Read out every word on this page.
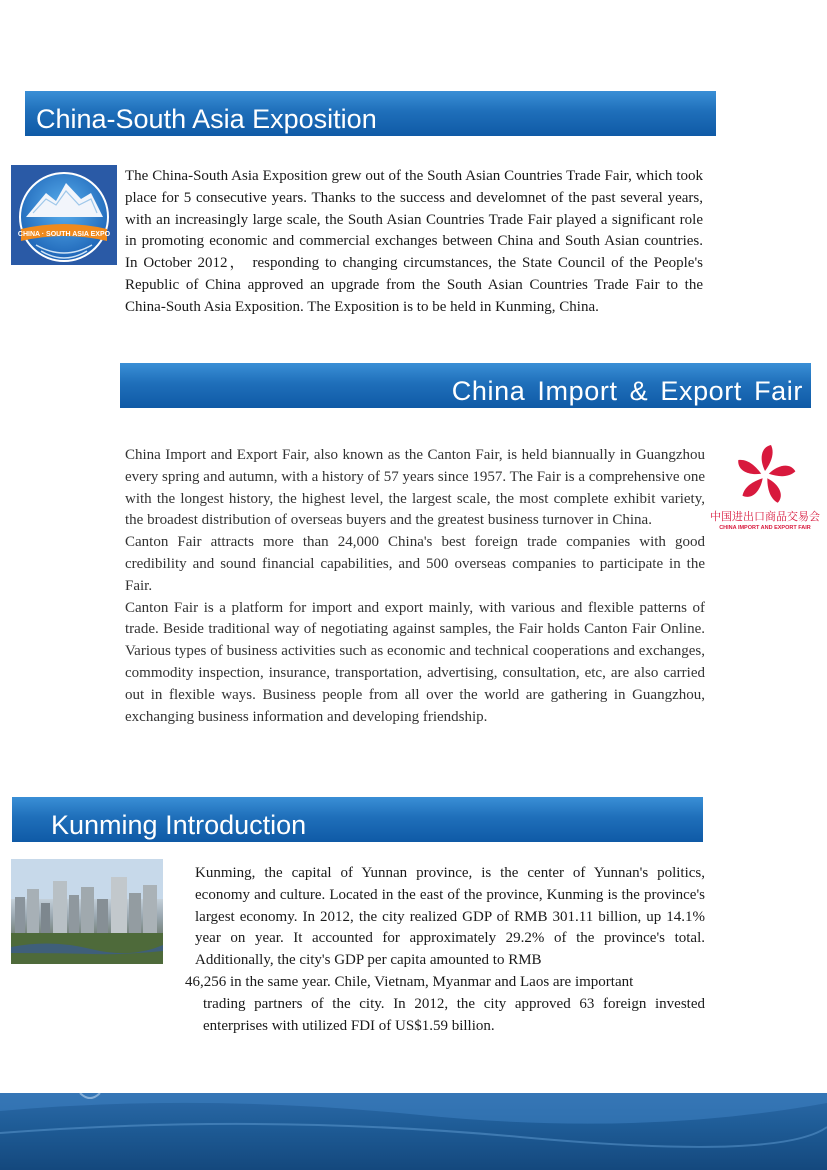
China-South Asia Exposition
CHINA · SOUTH ASIA EXPO

The China-South Asia Exposition grew out of the South Asian Countries Trade Fair, which took place for 5 consecutive years. Thanks to the success and develomnet of the past several years, with an increasingly large scale, the South Asian Countries Trade Fair played a significant role in promoting economic and commercial exchanges between China and South Asian countries. In October 2012， responding to changing circumstances, the State Council of the People's Republic of China approved an upgrade from the South Asian Countries Trade Fair to the China-South Asia Exposition. The Exposition is to be held in Kunming, China.

China Import & Export Fair
中国进出口商品交易会
CHINA IMPORT AND EXPORT FAIR

China Import and Export Fair, also known as the Canton Fair, is held biannually in Guangzhou every spring and autumn, with a history of 57 years since 1957. The Fair is a comprehensive one with the longest history, the highest level, the largest scale, the most complete exhibit variety, the broadest distribution of overseas buyers and the greatest business turnover in China.

Canton Fair attracts more than 24,000 China's best foreign trade companies with good credibility and sound financial capabilities, and 500 overseas companies to participate in the Fair.

Canton Fair is a platform for import and export mainly, with various and flexible patterns of trade. Beside traditional way of negotiating against samples, the Fair holds Canton Fair Online. Various types of business activities such as economic and technical cooperations and exchanges, commodity inspection, insurance, transportation, advertising, consultation, etc, are also carried out in flexible ways. Business people from all over the world are gathering in Guangzhou, exchanging business information and developing friendship.

Kunming Introduction

Kunming, the capital of Yunnan province, is the center of Yunnan's politics, economy and culture. Located in the east of the province, Kunming is the province's largest economy. In 2012, the city realized GDP of RMB 301.11 billion, up 14.1% year on year. It accounted for approximately 29.2% of the province's total. Additionally, the city's GDP per capita amounted to RMB

46,256 in the same year. Chile, Vietnam, Myanmar and Laos are important

trading partners of the city. In 2012, the city approved 63 foreign invested enterprises with utilized FDI of US$1.59 billion.
